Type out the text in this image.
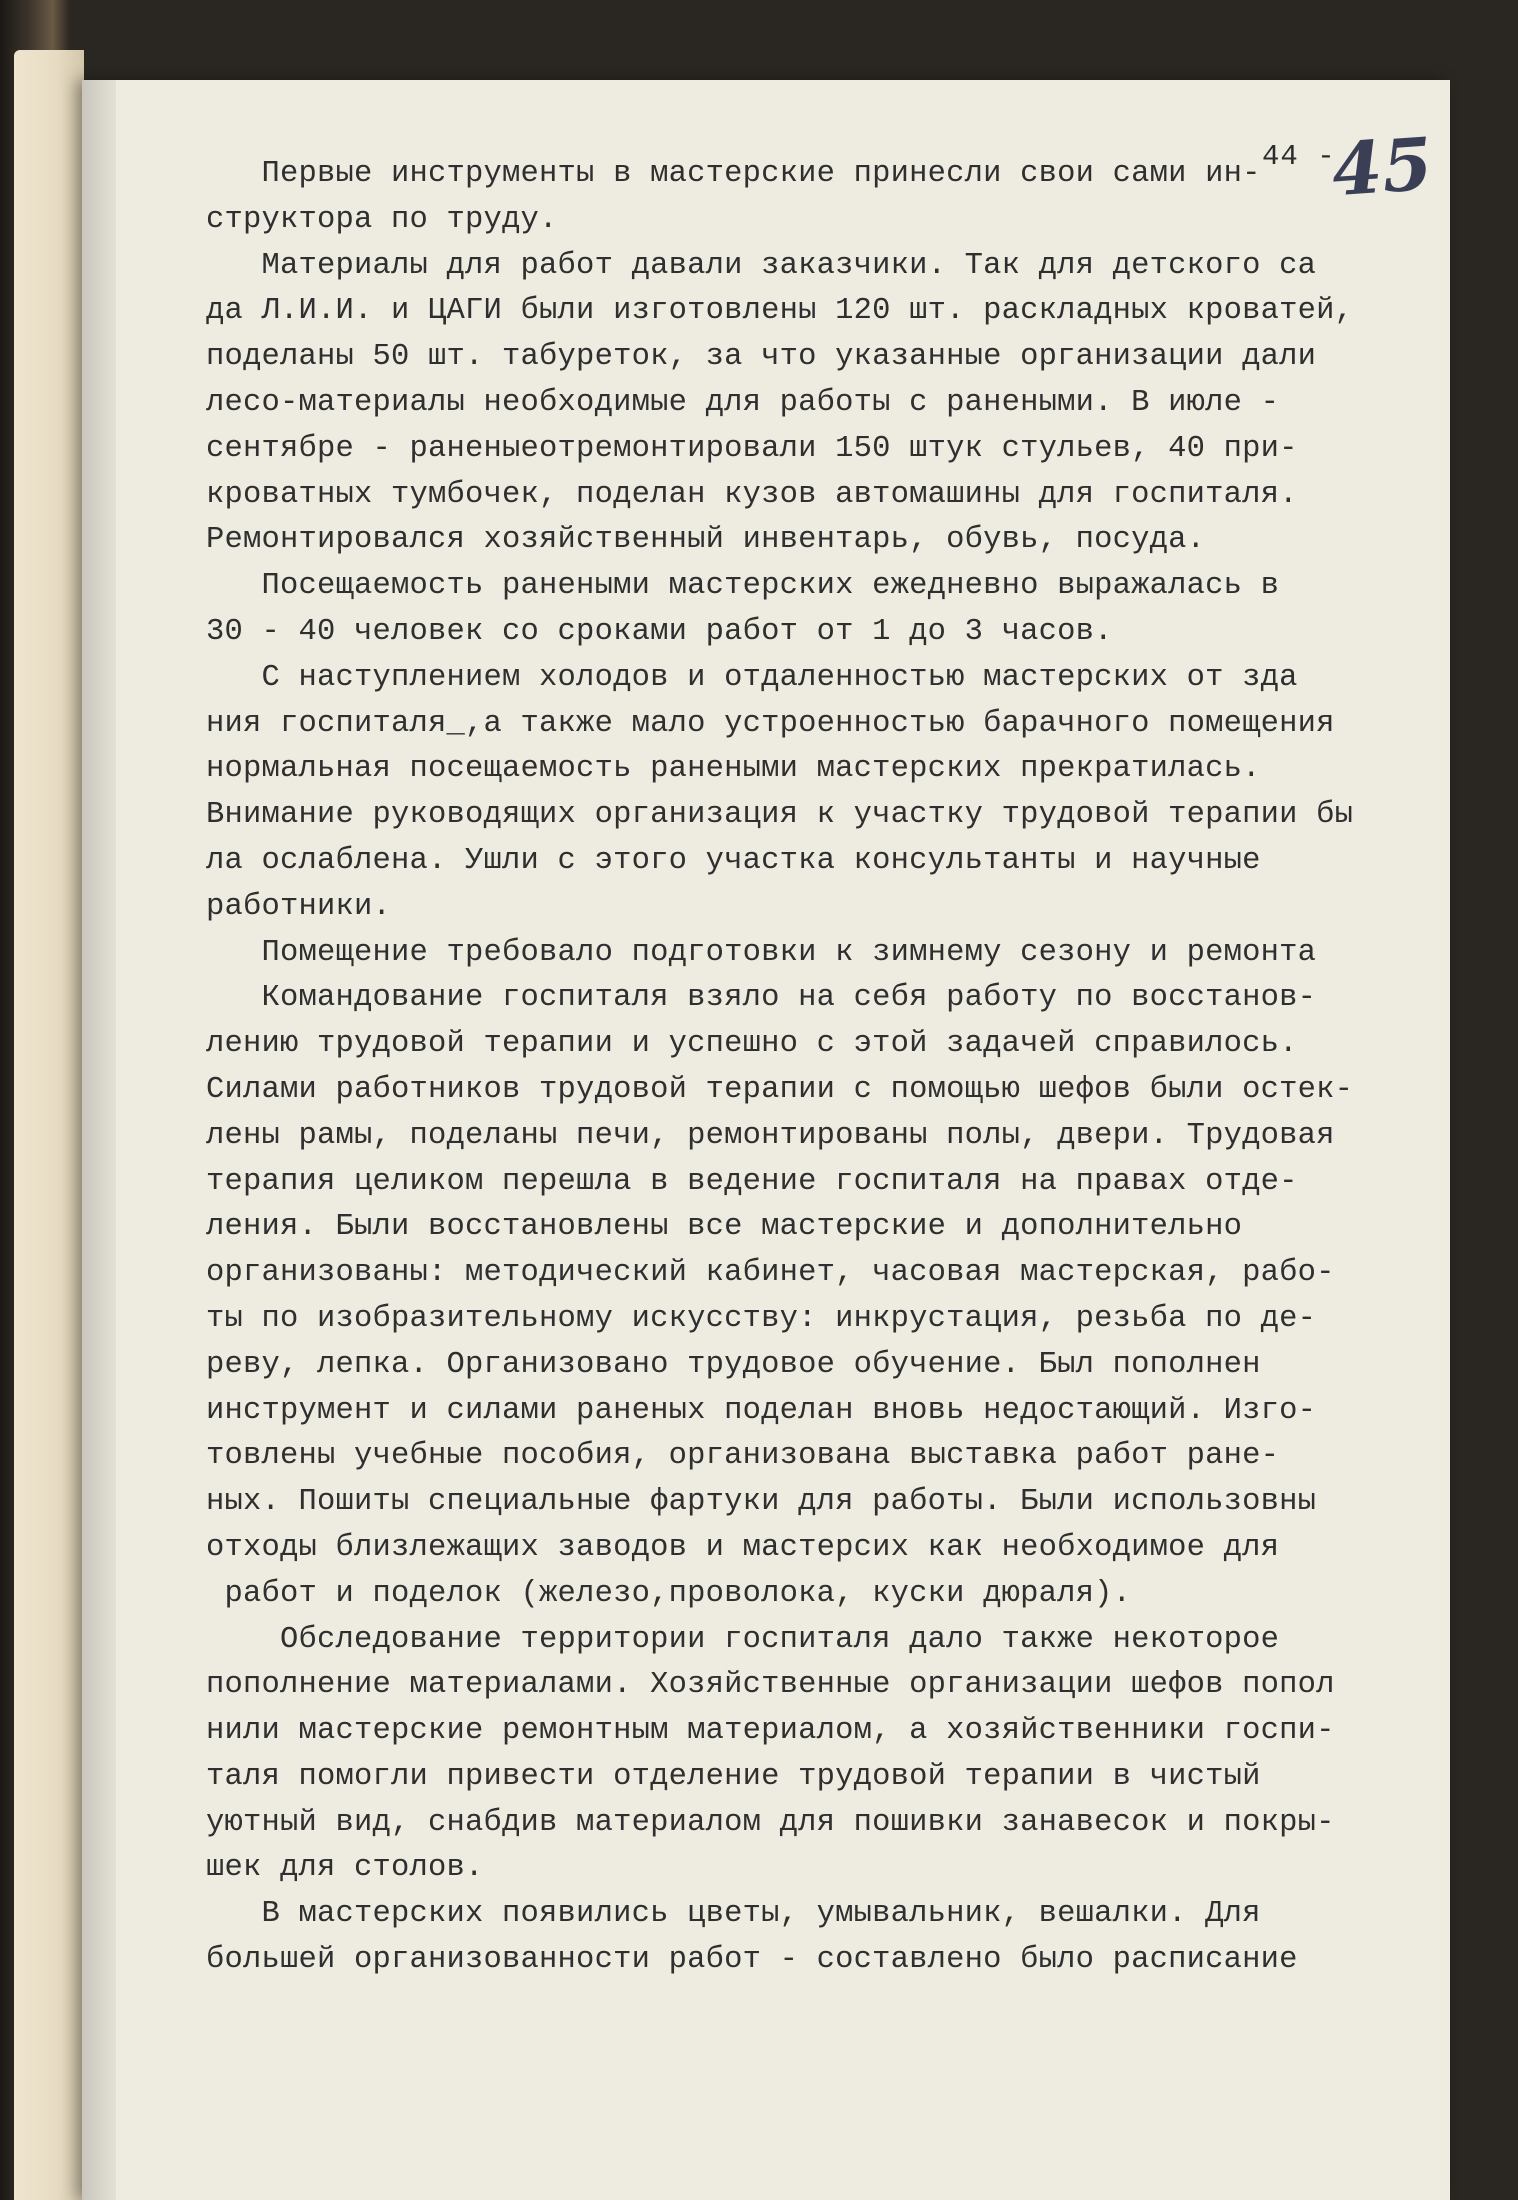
44 -
45
Первые инструменты в мастерские принесли свои сами ин-
структора по труду.
Материалы для работ давали заказчики. Так для детского са
да Л.И.И. и ЦАГИ были изготовлены 120 шт. раскладных кроватей,
поделаны 50 шт. табуреток, за что указанные организации дали
лесо-материалы необходимые для работы с ранеными. В июле -
сентябре - раненыеотремонтировали 150 штук стульев, 40 при-
кроватных тумбочек, поделан кузов автомашины для госпиталя.
Ремонтировался хозяйственный инвентарь, обувь, посуда.
Посещаемость ранеными мастерских ежедневно выражалась в
30 - 40 человек со сроками работ от 1 до 3 часов.
С наступлением холодов и отдаленностью мастерских от зда
ния госпиталя_,а также мало устроенностью барачного помещения
нормальная посещаемость ранеными мастерских прекратилась.
Внимание руководящих организация к участку трудовой терапии бы
ла ослаблена. Ушли с этого участка консультанты и научные
работники.
Помещение требовало подготовки к зимнему сезону и ремонта
Командование госпиталя взяло на себя работу по восстанов-
лению трудовой терапии и успешно с этой задачей справилось.
Силами работников трудовой терапии с помощью шефов были остек-
лены рамы, поделаны печи, ремонтированы полы, двери. Трудовая
терапия целиком перешла в ведение госпиталя на правах отде-
ления. Были восстановлены все мастерские и дополнительно
организованы: методический кабинет, часовая мастерская, рабо-
ты по изобразительному искусству: инкрустация, резьба по де-
реву, лепка. Организовано трудовое обучение. Был пополнен
инструмент и силами раненых поделан вновь недостающий. Изго-
товлены учебные пособия, организована выставка работ ране-
ных. Пошиты специальные фартуки для работы. Были использовны
отходы близлежащих заводов и мастерсих как необходимое для
работ и поделок (железо,проволока, куски дюраля).
Обследование территории госпиталя дало также некоторое
пополнение материалами. Хозяйственные организации шефов попол
нили мастерские ремонтным материалом, а хозяйственники госпи-
таля помогли привести отделение трудовой терапии в чистый
уютный вид, снабдив материалом для пошивки занавесок и покры-
шек для столов.
В мастерских появились цветы, умывальник, вешалки. Для
большей организованности работ - составлено было расписание
